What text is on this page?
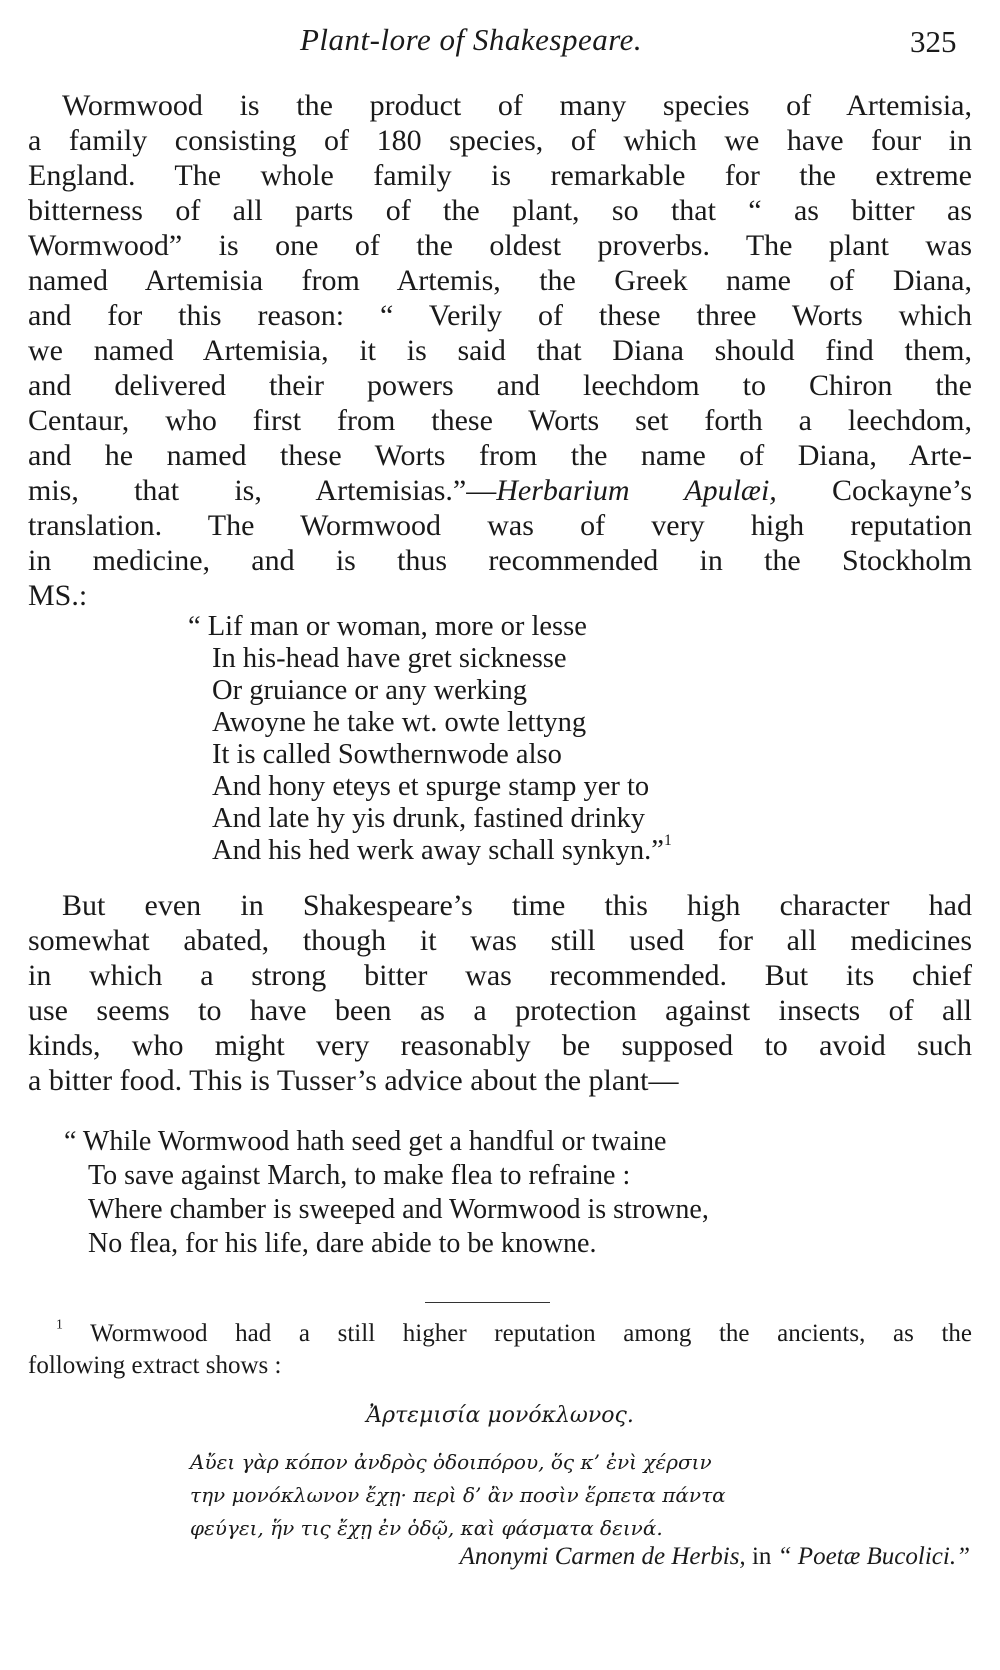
Plant-lore of Shakespeare.	325
Wormwood is the product of many species of Artemisia,
a family consisting of 180 species, of which we have four in
England. The whole family is remarkable for the extreme
bitterness of all parts of the plant, so that “ as bitter as
Wormwood” is one of the oldest proverbs. The plant was
named Artemisia from Artemis, the Greek name of Diana,
and for this reason: “ Verily of these three Worts which
we named Artemisia, it is said that Diana should find them,
and delivered their powers and leechdom to Chiron the
Centaur, who first from these Worts set forth a leechdom,
and he named these Worts from the name of Diana, Arte-
mis, that is, Artemisias.”—Herbarium Apulæi, Cockayne’s
translation. The Wormwood was of very high reputation
in medicine, and is thus recommended in the Stockholm
MS.:
“ Lif man or woman, more or lesse
In his-head have gret sicknesse
Or gruiance or any werking
Awoyne he take wt. owte lettyng
It is called Sowthernwode also
And hony eteys et spurge stamp yer to
And late hy yis drunk, fastined drinky
And his hed werk away schall synkyn.”$^1$
But even in Shakespeare’s time this high character had
somewhat abated, though it was still used for all medicines
in which a strong bitter was recommended. But its chief
use seems to have been as a protection against insects of all
kinds, who might very reasonably be supposed to avoid such
a bitter food. This is Tusser’s advice about the plant—
“ While Wormwood hath seed get a handful or twaine
To save against March, to make flea to refraine :
Where chamber is sweeped and Wormwood is strowne,
No flea, for his life, dare abide to be knowne.
$^1$ Wormwood had a still higher reputation among the ancients, as the
following extract shows :
Ἀρτεμισία μονόκλωνος.
Αὔει γὰρ κόπον ἀνδρὸς ὁδοιπόρου, ὅς κ’ ἐνὶ χέρσιν
την μονόκλωνον ἔχῃ· περὶ δ’ ἂν ποσὶν ἕρπετα πάντα
φεύγει, ἥν τις ἔχῃ ἐν ὁδῷ, καὶ φάσματα δεινά.
Anonymi Carmen de Herbis, in “ Poetæ Bucolici.”
